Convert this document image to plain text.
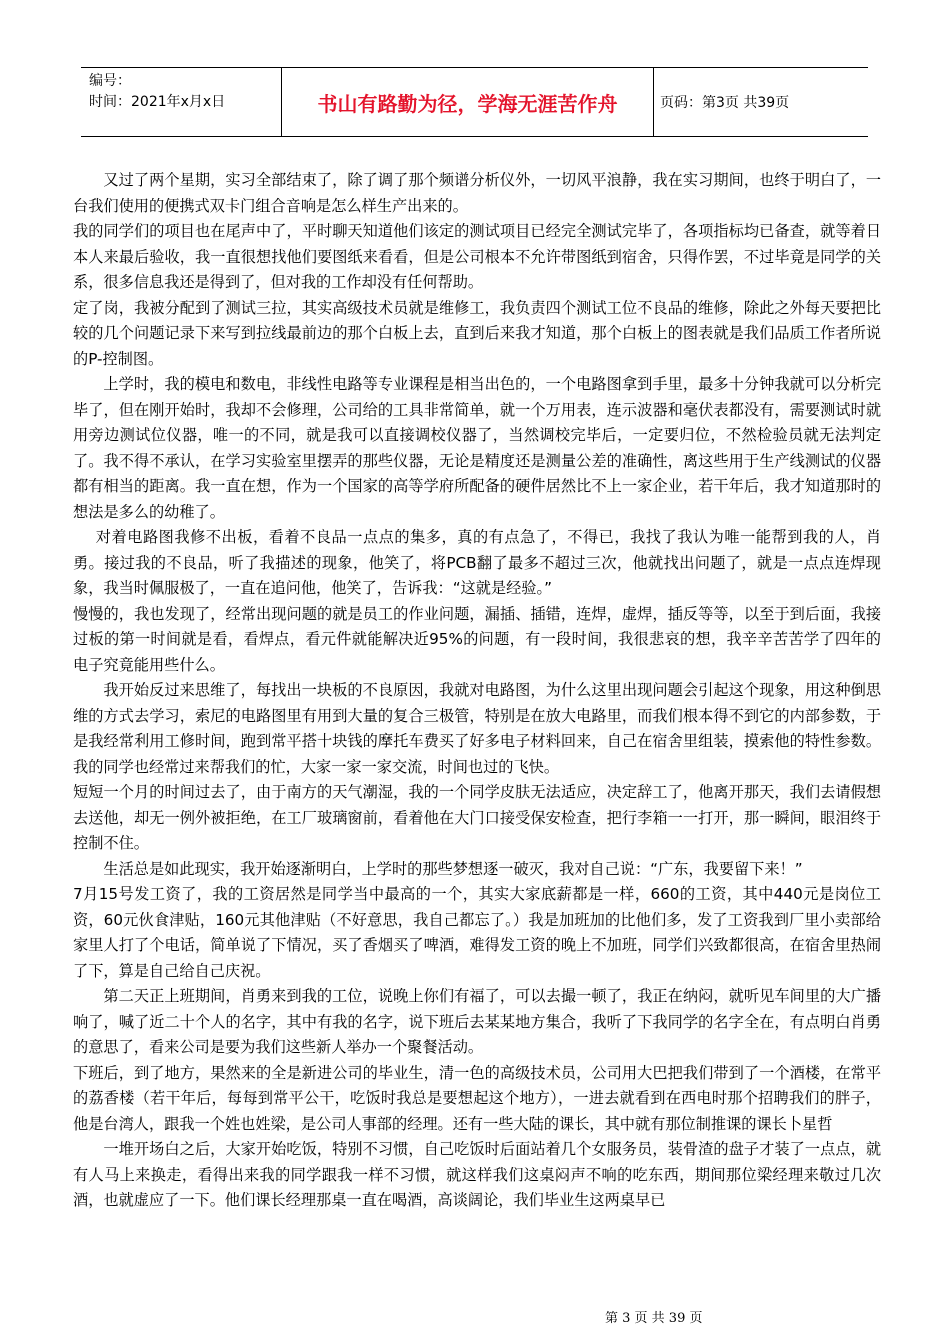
编号：
时间：2021年x月x日	书山有路勤为径，学海无涯苦作舟	页码：第3页 共39页

又过了两个星期，实习全部结束了，除了调了那个频谱分析仪外，一切风平浪静，我在实习期间，也终于明白了，一台我们使用的便携式双卡门组合音响是怎么样生产出来的。

我的同学们的项目也在尾声中了，平时聊天知道他们该定的测试项目已经完全测试完毕了，各项指标均已备查，就等着日本人来最后验收，我一直很想找他们要图纸来看看，但是公司根本不允许带图纸到宿舍，只得作罢，不过毕竟是同学的关系，很多信息我还是得到了，但对我的工作却没有任何帮助。

定了岗，我被分配到了测试三拉，其实高级技术员就是维修工，我负责四个测试工位不良品的维修，除此之外每天要把比较的几个问题记录下来写到拉线最前边的那个白板上去，直到后来我才知道，那个白板上的图表就是我们品质工作者所说的P-控制图。

上学时，我的模电和数电，非线性电路等专业课程是相当出色的，一个电路图拿到手里，最多十分钟我就可以分析完毕了，但在刚开始时，我却不会修理，公司给的工具非常简单，就一个万用表，连示波器和毫伏表都没有，需要测试时就用旁边测试位仪器，唯一的不同，就是我可以直接调校仪器了，当然调校完毕后，一定要归位，不然检验员就无法判定了。我不得不承认，在学习实验室里摆弄的那些仪器，无论是精度还是测量公差的准确性，离这些用于生产线测试的仪器都有相当的距离。我一直在想，作为一个国家的高等学府所配备的硬件居然比不上一家企业，若干年后，我才知道那时的想法是多么的幼稚了。

对着电路图我修不出板，看着不良品一点点的集多，真的有点急了，不得已，我找了我认为唯一能帮到我的人，肖勇。接过我的不良品，听了我描述的现象，他笑了，将PCB翻了最多不超过三次，他就找出问题了，就是一点点连焊现象，我当时佩服极了，一直在追问他，他笑了，告诉我：“这就是经验。”

慢慢的，我也发现了，经常出现问题的就是员工的作业问题，漏插、插错，连焊，虚焊，插反等等，以至于到后面，我接过板的第一时间就是看，看焊点，看元件就能解决近95%的问题，有一段时间，我很悲哀的想，我辛辛苦苦学了四年的电子究竟能用些什么。

我开始反过来思维了，每找出一块板的不良原因，我就对电路图，为什么这里出现问题会引起这个现象，用这种倒思维的方式去学习，索尼的电路图里有用到大量的复合三极管，特别是在放大电路里，而我们根本得不到它的内部参数，于是我经常利用工修时间，跑到常平搭十块钱的摩托车费买了好多电子材料回来，自己在宿舍里组装，摸索他的特性参数。我的同学也经常过来帮我们的忙，大家一家一家交流，时间也过的飞快。

短短一个月的时间过去了，由于南方的天气潮湿，我的一个同学皮肤无法适应，决定辞工了，他离开那天，我们去请假想去送他，却无一例外被拒绝，在工厂玻璃窗前，看着他在大门口接受保安检查，把行李箱一一打开，那一瞬间，眼泪终于控制不住。

生活总是如此现实，我开始逐渐明白，上学时的那些梦想逐一破灭，我对自己说：“广东，我要留下来！”

7月15号发工资了，我的工资居然是同学当中最高的一个，其实大家底薪都是一样，660的工资，其中440元是岗位工资，60元伙食津贴，160元其他津贴（不好意思，我自己都忘了。）我是加班加的比他们多，发了工资我到厂里小卖部给家里人打了个电话，简单说了下情况，买了香烟买了啤酒，难得发工资的晚上不加班，同学们兴致都很高，在宿舍里热闹了下，算是自己给自己庆祝。

第二天正上班期间，肖勇来到我的工位，说晚上你们有福了，可以去撮一顿了，我正在纳闷，就听见车间里的大广播响了，喊了近二十个人的名字，其中有我的名字，说下班后去某某地方集合，我听了下我同学的名字全在，有点明白肖勇的意思了，看来公司是要为我们这些新人举办一个聚餐活动。

下班后，到了地方，果然来的全是新进公司的毕业生，清一色的高级技术员，公司用大巴把我们带到了一个酒楼，在常平的荔香楼（若干年后，每每到常平公干，吃饭时我总是要想起这个地方），一进去就看到在西电时那个招聘我们的胖子，他是台湾人，跟我一个姓也姓梁，是公司人事部的经理。还有一些大陆的课长，其中就有那位制推课的课长卜星哲

一堆开场白之后，大家开始吃饭，特别不习惯，自己吃饭时后面站着几个女服务员，装骨渣的盘子才装了一点点，就有人马上来换走，看得出来我的同学跟我一样不习惯，就这样我们这桌闷声不响的吃东西，期间那位梁经理来敬过几次酒，也就虚应了一下。他们课长经理那桌一直在喝酒，高谈阔论，我们毕业生这两桌早已

第 3 页 共 39 页
